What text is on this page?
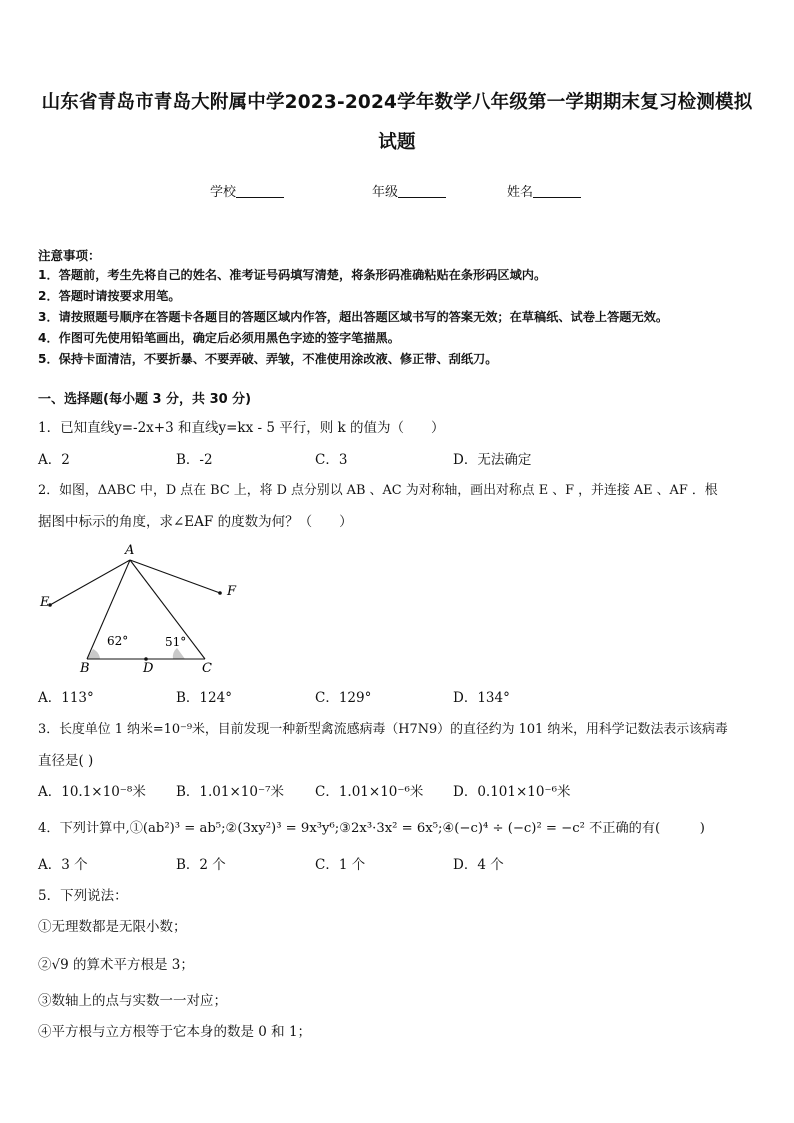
山东省青岛市青岛大附属中学2023-2024学年数学八年级第一学期期末复习检测模拟
试题
学校	年级	姓名
注意事项：
1．答题前，考生先将自己的姓名、准考证号码填写清楚，将条形码准确粘贴在条形码区域内。
2．答题时请按要求用笔。
3．请按照题号顺序在答题卡各题目的答题区域内作答，超出答题区域书写的答案无效；在草稿纸、试卷上答题无效。
4．作图可先使用铅笔画出，确定后必须用黑色字迹的签字笔描黑。
5．保持卡面清洁，不要折暴、不要弄破、弄皱，不准使用涂改液、修正带、刮纸刀。
一、选择题(每小题 3 分，共 30 分)
1．已知直线y=-2x+3 和直线y=kx - 5 平行，则 k 的值为（　　）
A．2	B．-2	C．3	D．无法确定
2．如图，ΔABC 中，D 点在 BC 上，将 D 点分别以 AB 、AC 为对称轴，画出对称点 E 、F ，并连接 AE 、AF ．根
据图中标示的角度，求∠EAF 的度数为何？（　　）
A
E
F
B	D	C
62°	51°
A．113°	B．124°	C．129°	D．134°
3．长度单位 1 纳米=10⁻⁹米，目前发现一种新型禽流感病毒（H7N9）的直径约为 101 纳米，用科学记数法表示该病毒
直径是( )
A．10.1×10⁻⁸米 B．1.01×10⁻⁷米 C．1.01×10⁻⁶米 D．0.101×10⁻⁶米
4．下列计算中,①(ab²)³ = ab⁵;②(3xy²)³ = 9x³y⁶;③2x³·3x² = 6x⁵;④(−c)⁴ ÷ (−c)² = −c² 不正确的有(　　　)
A．3 个	B．2 个	C．1 个	D．4 个
5．下列说法：
①无理数都是无限小数；
②√9 的算术平方根是 3；
③数轴上的点与实数一一对应；
④平方根与立方根等于它本身的数是 0 和 1；
